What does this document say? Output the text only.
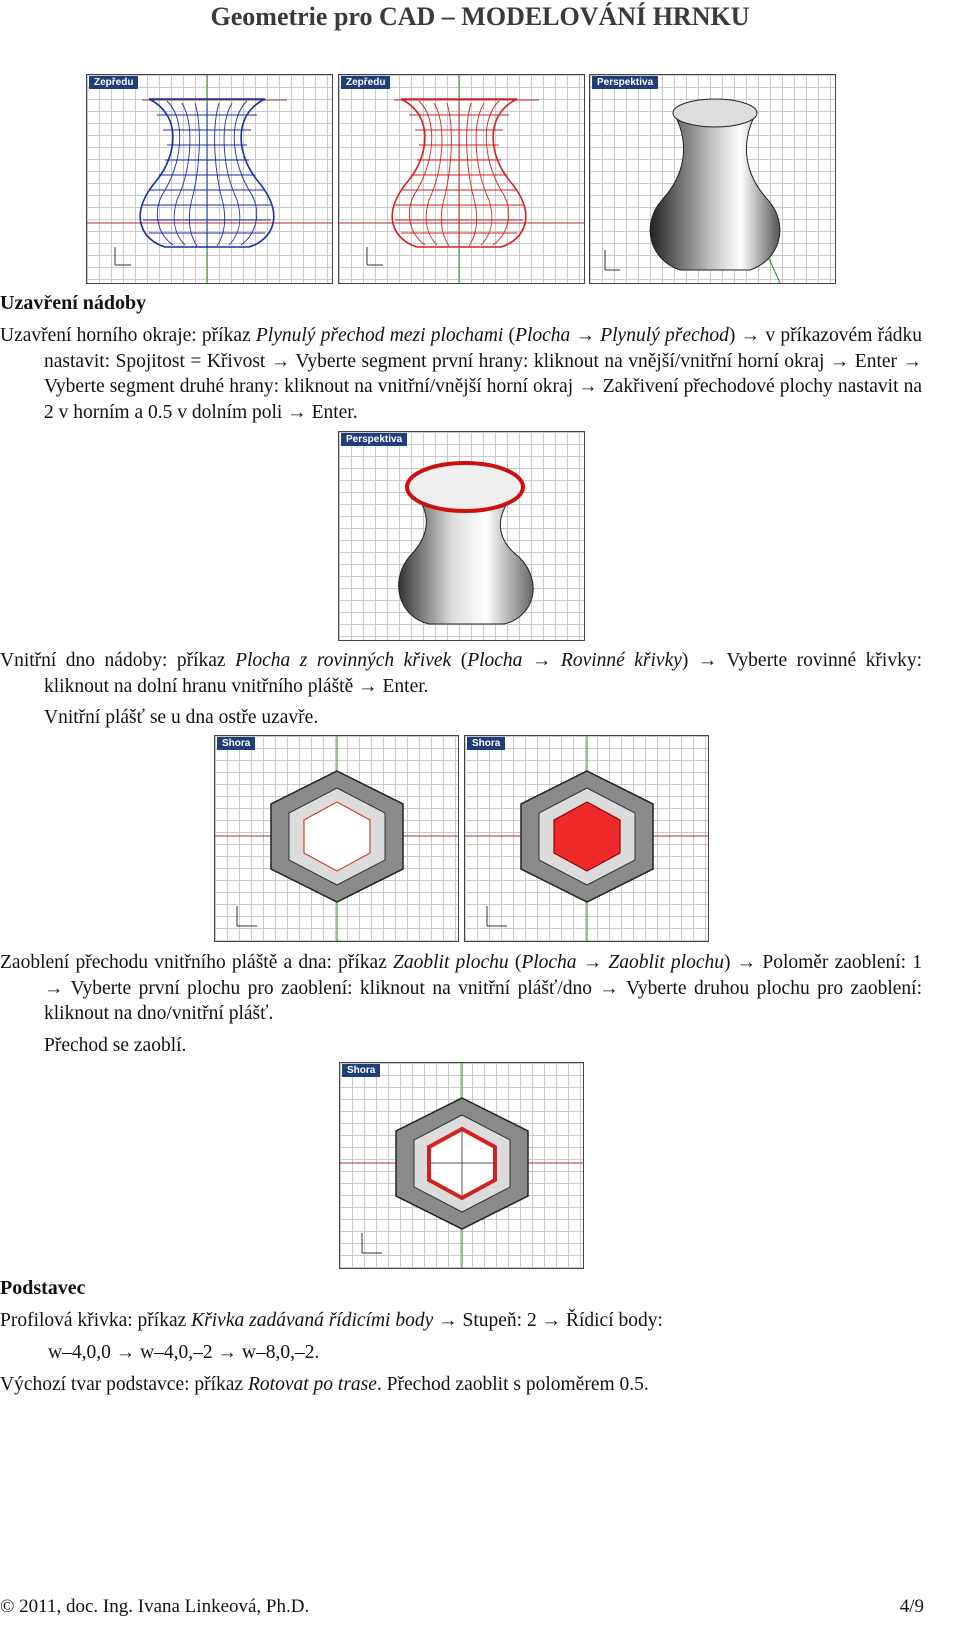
Geometrie pro CAD – MODELOVÁNÍ HRNKU
Zepředu	Zepředu	Perspektiva
Uzavření nádoby
Uzavření horního okraje: příkaz Plynulý přechod mezi plochami (Plocha → Plynulý přechod) → v příkazovém řádku nastavit: Spojitost = Křivost → Vyberte segment první hrany: kliknout na vnější/vnitřní horní okraj → Enter → Vyberte segment druhé hrany: kliknout na vnitřní/vnější horní okraj → Zakřivení přechodové plochy nastavit na 2 v horním a 0.5 v dolním poli → Enter.
Perspektiva
Vnitřní dno nádoby: příkaz Plocha z rovinných křivek (Plocha → Rovinné křivky) → Vyberte rovinné křivky: kliknout na dolní hranu vnitřního pláště → Enter.
Vnitřní plášť se u dna ostře uzavře.
Shora	Shora
Zaoblení přechodu vnitřního pláště a dna: příkaz Zaoblit plochu (Plocha → Zaoblit plochu) → Poloměr zaoblení: 1 → Vyberte první plochu pro zaoblení: kliknout na vnitřní plášť/dno → Vyberte druhou plochu pro zaoblení: kliknout na dno/vnitřní plášť.
Přechod se zaoblí.
Shora
Podstavec
Profilová křivka: příkaz Křivka zadávaná řídicími body → Stupeň: 2 → Řídicí body:
w–4,0,0 → w–4,0,–2 → w–8,0,–2.
Výchozí tvar podstavce: příkaz Rotovat po trase. Přechod zaoblit s poloměrem 0.5.
© 2011, doc. Ing. Ivana Linkeová, Ph.D.	4/9
